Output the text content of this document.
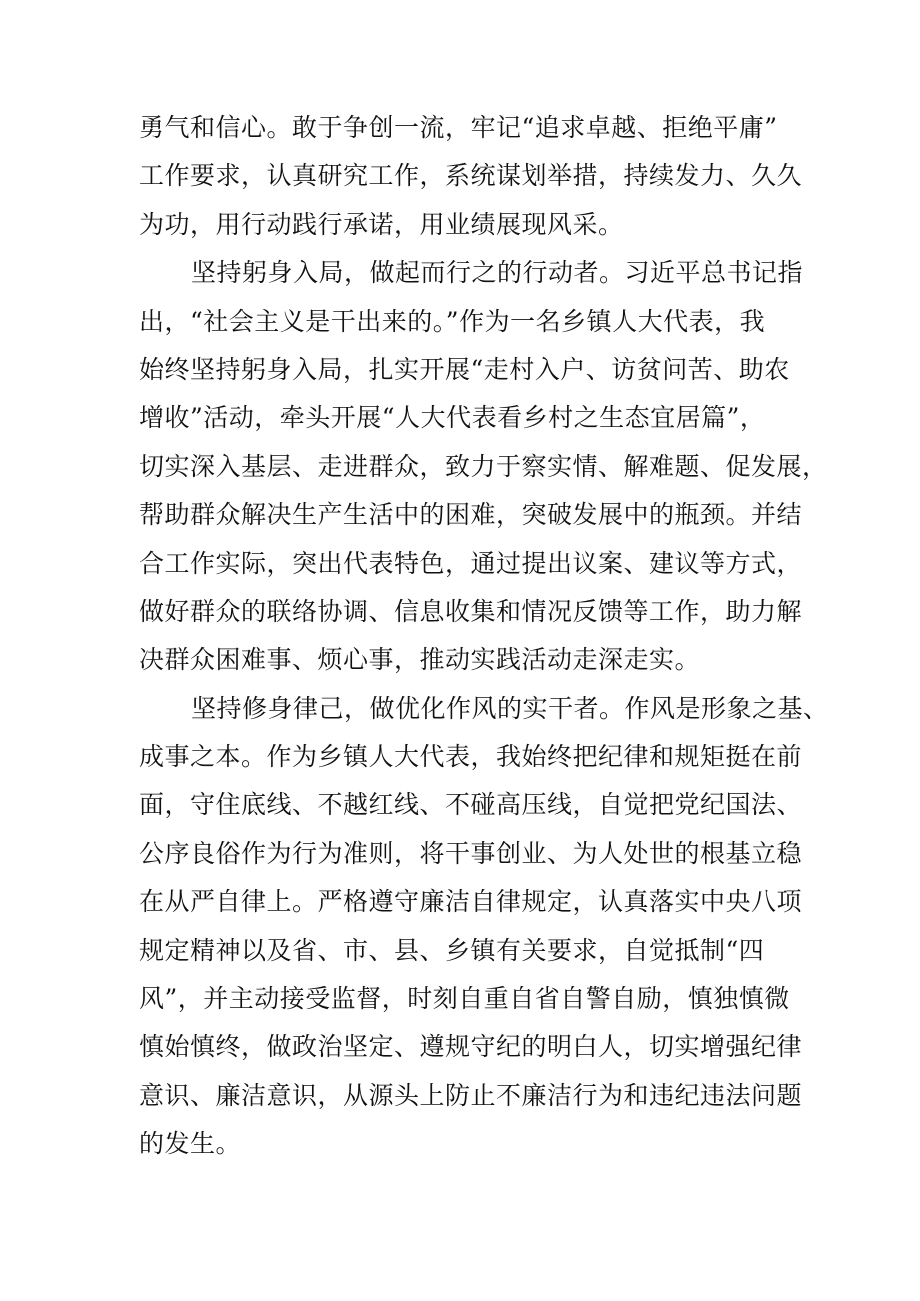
勇气和信心。敢于争创一流，牢记“追求卓越、拒绝平庸”
工作要求，认真研究工作，系统谋划举措，持续发力、久久
为功，用行动践行承诺，用业绩展现风采。
坚持躬身入局，做起而行之的行动者。习近平总书记指
出，“社会主义是干出来的。”作为一名乡镇人大代表，我
始终坚持躬身入局，扎实开展“走村入户、访贫问苦、助农
增收”活动，牵头开展“人大代表看乡村之生态宜居篇”，
切实深入基层、走进群众，致力于察实情、解难题、促发展，
帮助群众解决生产生活中的困难，突破发展中的瓶颈。并结
合工作实际，突出代表特色，通过提出议案、建议等方式，
做好群众的联络协调、信息收集和情况反馈等工作，助力解
决群众困难事、烦心事，推动实践活动走深走实。
坚持修身律己，做优化作风的实干者。作风是形象之基、
成事之本。作为乡镇人大代表，我始终把纪律和规矩挺在前
面，守住底线、不越红线、不碰高压线，自觉把党纪国法、
公序良俗作为行为准则，将干事创业、为人处世的根基立稳
在从严自律上。严格遵守廉洁自律规定，认真落实中央八项
规定精神以及省、市、县、乡镇有关要求，自觉抵制“四
风”，并主动接受监督，时刻自重自省自警自励，慎独慎微
慎始慎终，做政治坚定、遵规守纪的明白人，切实增强纪律
意识、廉洁意识，从源头上防止不廉洁行为和违纪违法问题
的发生。
